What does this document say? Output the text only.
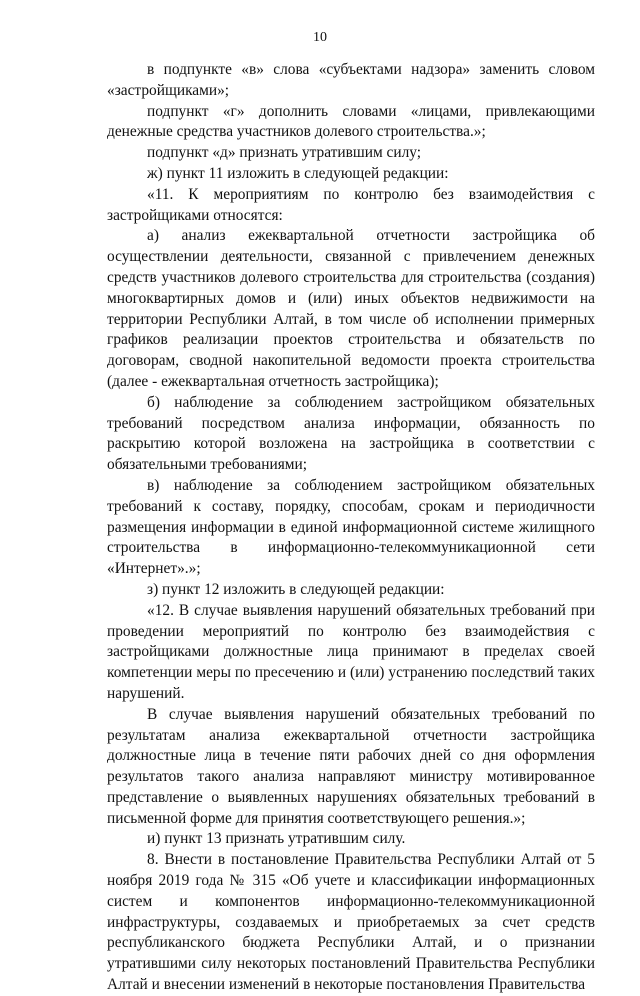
10

в подпункте «в» слова «субъектами надзора» заменить словом «застройщиками»;

подпункт «г» дополнить словами «лицами, привлекающими денежные средства участников долевого строительства.»;

подпункт «д» признать утратившим силу;

ж) пункт 11 изложить в следующей редакции:

«11. К мероприятиям по контролю без взаимодействия с застройщиками относятся:

а) анализ ежеквартальной отчетности застройщика об осуществлении деятельности, связанной с привлечением денежных средств участников долевого строительства для строительства (создания) многоквартирных домов и (или) иных объектов недвижимости на территории Республики Алтай, в том числе об исполнении примерных графиков реализации проектов строительства и обязательств по договорам, сводной накопительной ведомости проекта строительства (далее - ежеквартальная отчетность застройщика);

б) наблюдение за соблюдением застройщиком обязательных требований посредством анализа информации, обязанность по раскрытию которой возложена на застройщика в соответствии с обязательными требованиями;

в) наблюдение за соблюдением застройщиком обязательных требований к составу, порядку, способам, срокам и периодичности размещения информации в единой информационной системе жилищного строительства в информационно-телекоммуникационной сети «Интернет».»;

з) пункт 12 изложить в следующей редакции:

«12. В случае выявления нарушений обязательных требований при проведении мероприятий по контролю без взаимодействия с застройщиками должностные лица принимают в пределах своей компетенции меры по пресечению и (или) устранению последствий таких нарушений.

В случае выявления нарушений обязательных требований по результатам анализа ежеквартальной отчетности застройщика должностные лица в течение пяти рабочих дней со дня оформления результатов такого анализа направляют министру мотивированное представление о выявленных нарушениях обязательных требований в письменной форме для принятия соответствующего решения.»;

и) пункт 13 признать утратившим силу.

8. Внести в постановление Правительства Республики Алтай от 5 ноября 2019 года № 315 «Об учете и классификации информационных систем и компонентов информационно-телекоммуникационной инфраструктуры, создаваемых и приобретаемых за счет средств республиканского бюджета Республики Алтай, и о признании утратившими силу некоторых постановлений Правительства Республики Алтай и внесении изменений в некоторые постановления Правительства
